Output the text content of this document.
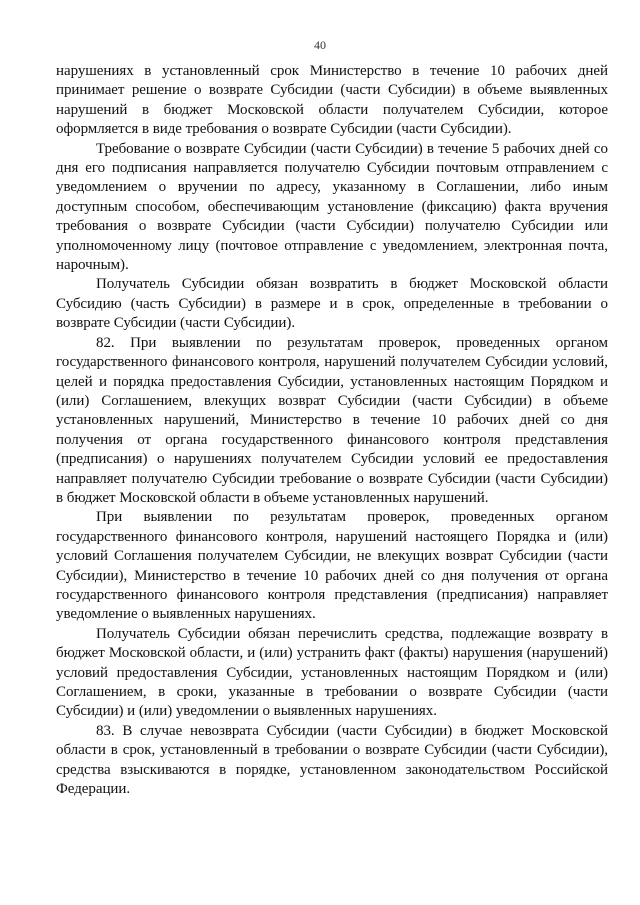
40

нарушениях в установленный срок Министерство в течение 10 рабочих дней принимает решение о возврате Субсидии (части Субсидии) в объеме выявленных нарушений в бюджет Московской области получателем Субсидии, которое оформляется в виде требования о возврате Субсидии (части Субсидии).

Требование о возврате Субсидии (части Субсидии) в течение 5 рабочих дней со дня его подписания направляется получателю Субсидии почтовым отправлением с уведомлением о вручении по адресу, указанному в Соглашении, либо иным доступным способом, обеспечивающим установление (фиксацию) факта вручения требования о возврате Субсидии (части Субсидии) получателю Субсидии или уполномоченному лицу (почтовое отправление с уведомлением, электронная почта, нарочным).

Получатель Субсидии обязан возвратить в бюджет Московской области Субсидию (часть Субсидии) в размере и в срок, определенные в требовании о возврате Субсидии (части Субсидии).

82. При выявлении по результатам проверок, проведенных органом государственного финансового контроля, нарушений получателем Субсидии условий, целей и порядка предоставления Субсидии, установленных настоящим Порядком и (или) Соглашением, влекущих возврат Субсидии (части Субсидии) в объеме установленных нарушений, Министерство в течение 10 рабочих дней со дня получения от органа государственного финансового контроля представления (предписания) о нарушениях получателем Субсидии условий ее предоставления направляет получателю Субсидии требование о возврате Субсидии (части Субсидии) в бюджет Московской области в объеме установленных нарушений.

При выявлении по результатам проверок, проведенных органом государственного финансового контроля, нарушений настоящего Порядка и (или) условий Соглашения получателем Субсидии, не влекущих возврат Субсидии (части Субсидии), Министерство в течение 10 рабочих дней со дня получения от органа государственного финансового контроля представления (предписания) направляет уведомление о выявленных нарушениях.

Получатель Субсидии обязан перечислить средства, подлежащие возврату в бюджет Московской области, и (или) устранить факт (факты) нарушения (нарушений) условий предоставления Субсидии, установленных настоящим Порядком и (или) Соглашением, в сроки, указанные в требовании о возврате Субсидии (части Субсидии) и (или) уведомлении о выявленных нарушениях.

83. В случае невозврата Субсидии (части Субсидии) в бюджет Московской области в срок, установленный в требовании о возврате Субсидии (части Субсидии), средства взыскиваются в порядке, установленном законодательством Российской Федерации.
